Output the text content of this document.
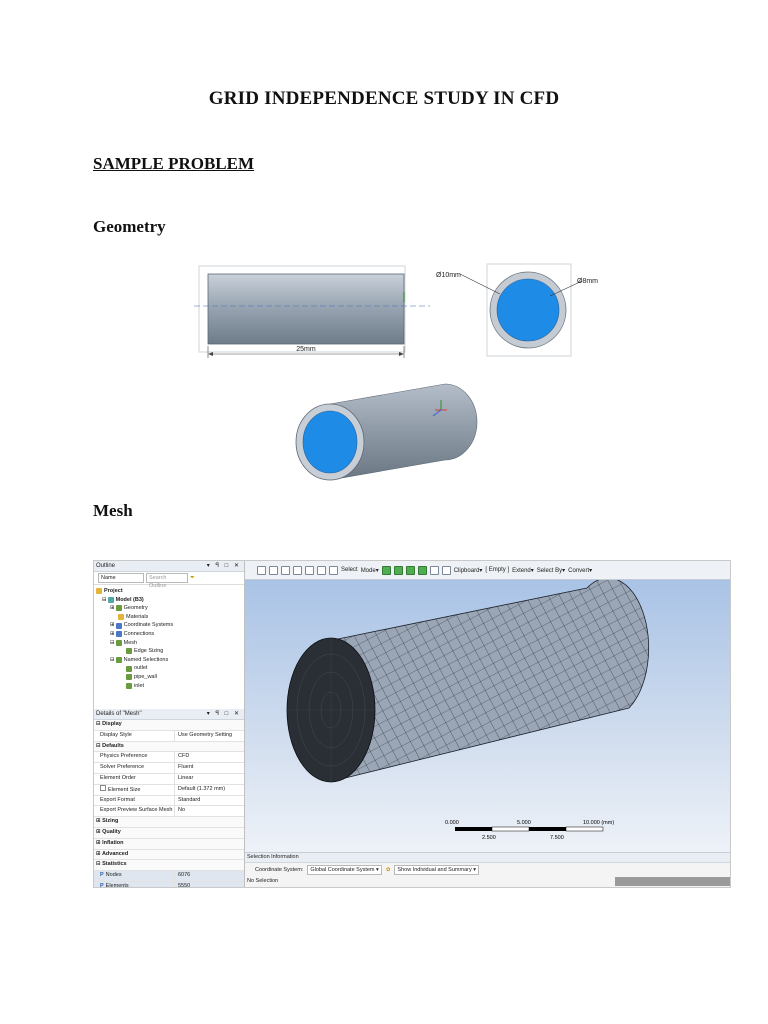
GRID INDEPENDENCE STUDY IN CFD
SAMPLE PROBLEM
Geometry
Mesh
25mm
Ø10mm
Ø8mm
Outline	▾ ꟼ □ ✕
Name	Search Outline
⏷
Project
⊟ Model (B3)
⊞ Geometry
Materials
⊞ Coordinate Systems
⊞ Connections
⊟ Mesh
Edge Sizing
⊟ Named Selections
outlet
pipe_wall
inlet
Details of "Mesh"	▾ ꟼ □ ✕
⊟ Display
Display Style	Use Geometry Setting
⊟ Defaults
Physics Preference	CFD
Solver Preference	Fluent
Element Order	Linear
Element Size	Default (1.372 mm)
Export Format	Standard
Export Preview Surface Mesh	No
⊞ Sizing
⊞ Quality
⊞ Inflation
⊞ Advanced
⊟ Statistics
P Nodes	6076
P Elements	5550
Select Mode▾	Clipboard▾ [ Empty ] Extend▾ Select By▾ Convert▾
0.000	5.000	10.000 (mm)
2.500	7.500
Selection Information
Coordinate System:	Global Coordinate System ▾	✿	Show Individual and Summary ▾
No Selection
